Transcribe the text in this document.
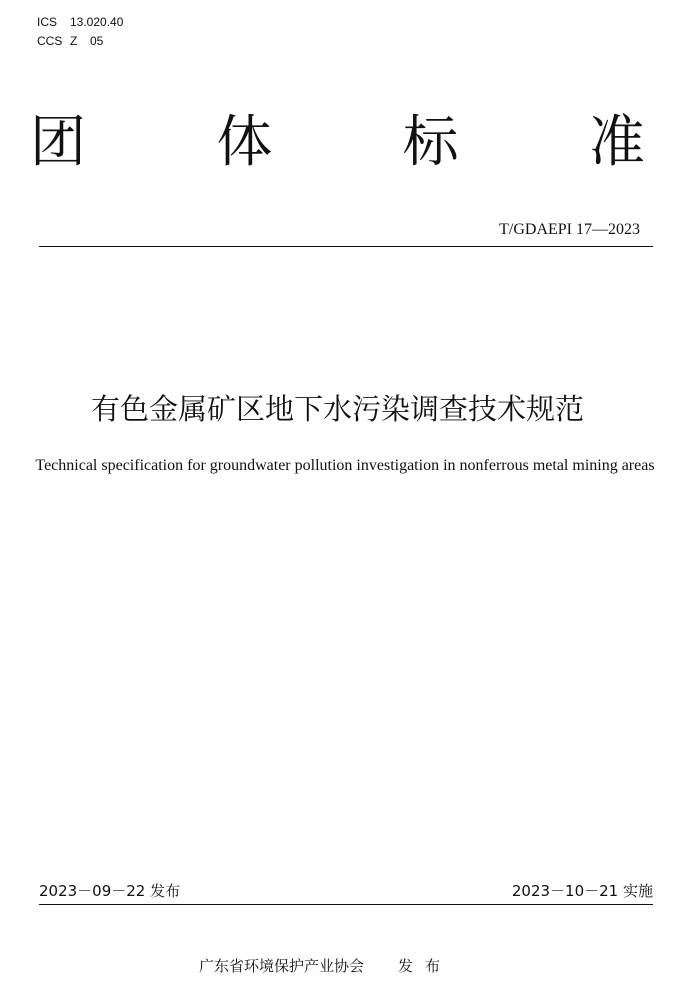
ICS 13.020.40
CCS Z 05
团 体 标 准
T/GDAEPI 17—2023
有色金属矿区地下水污染调查技术规范
Technical specification for groundwater pollution investigation in nonferrous metal mining areas
2023－09－22 发布	2023－10－21 实施
广东省环境保护产业协会 发布
